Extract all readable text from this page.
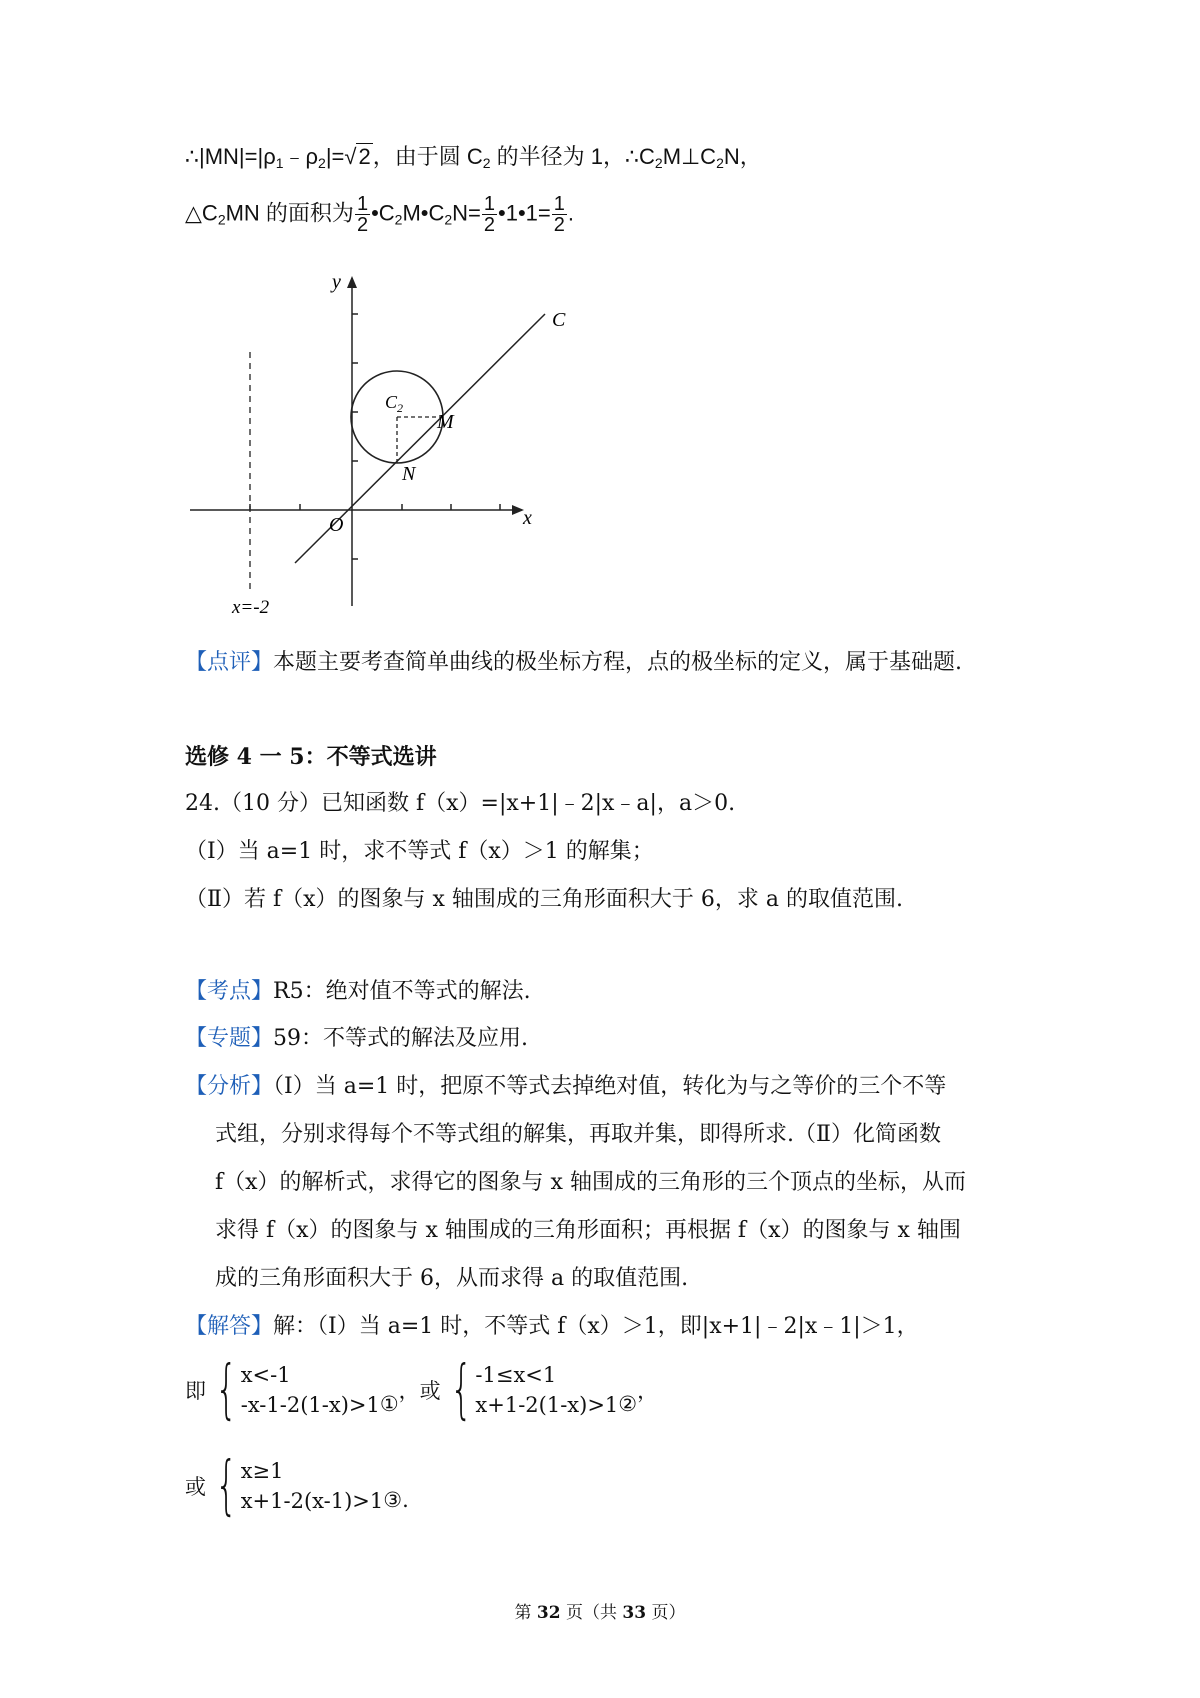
$\therefore|MN|=|\rho_1﹣\rho_2|=√2$，由于圆 $C_2$ 的半径为 1，$\therefore C_2M\perp C_2N$，
$\triangle C_2MN$ 的面积为 $\frac{1}{2}$ $•C_2M•C_2N= \frac{1}{2}$ •1•1= $\frac{1}{2}$ .
y
x
O
C
$C_2$
M
N
x=-2
【点评】本题主要考查简单曲线的极坐标方程，点的极坐标的定义，属于基础题.
选修 4 一 5：不等式选讲
24.（10 分）已知函数 f（x）=|x+1|﹣2|x﹣a|，a＞0.
（Ⅰ）当 a=1 时，求不等式 f（x）＞1 的解集；
（Ⅱ）若 f（x）的图象与 x 轴围成的三角形面积大于 6，求 a 的取值范围.
【考点】R5：绝对值不等式的解法.
【专题】59：不等式的解法及应用.
【分析】（Ⅰ）当 a=1 时，把原不等式去掉绝对值，转化为与之等价的三个不等
式组，分别求得每个不等式组的解集，再取并集，即得所求.（Ⅱ）化简函数
f（x）的解析式，求得它的图象与 x 轴围成的三角形的三个顶点的坐标，从而
求得 f（x）的图象与 x 轴围成的三角形面积；再根据 f（x）的图象与 x 轴围
成的三角形面积大于 6，从而求得 a 的取值范围.
【解答】解：（Ⅰ）当 a=1 时，不等式 f（x）＞1，即|x+1|﹣2|x﹣1|＞1，
即 { x<-1
-x-1-2(1-x)>1 ①
，或 { -1≤x<1
x+1-2(1-x)>1 ②
，
或 { x≥1
x+1-2(x-1)>1 ③ .
第 32 页（共 33 页）
